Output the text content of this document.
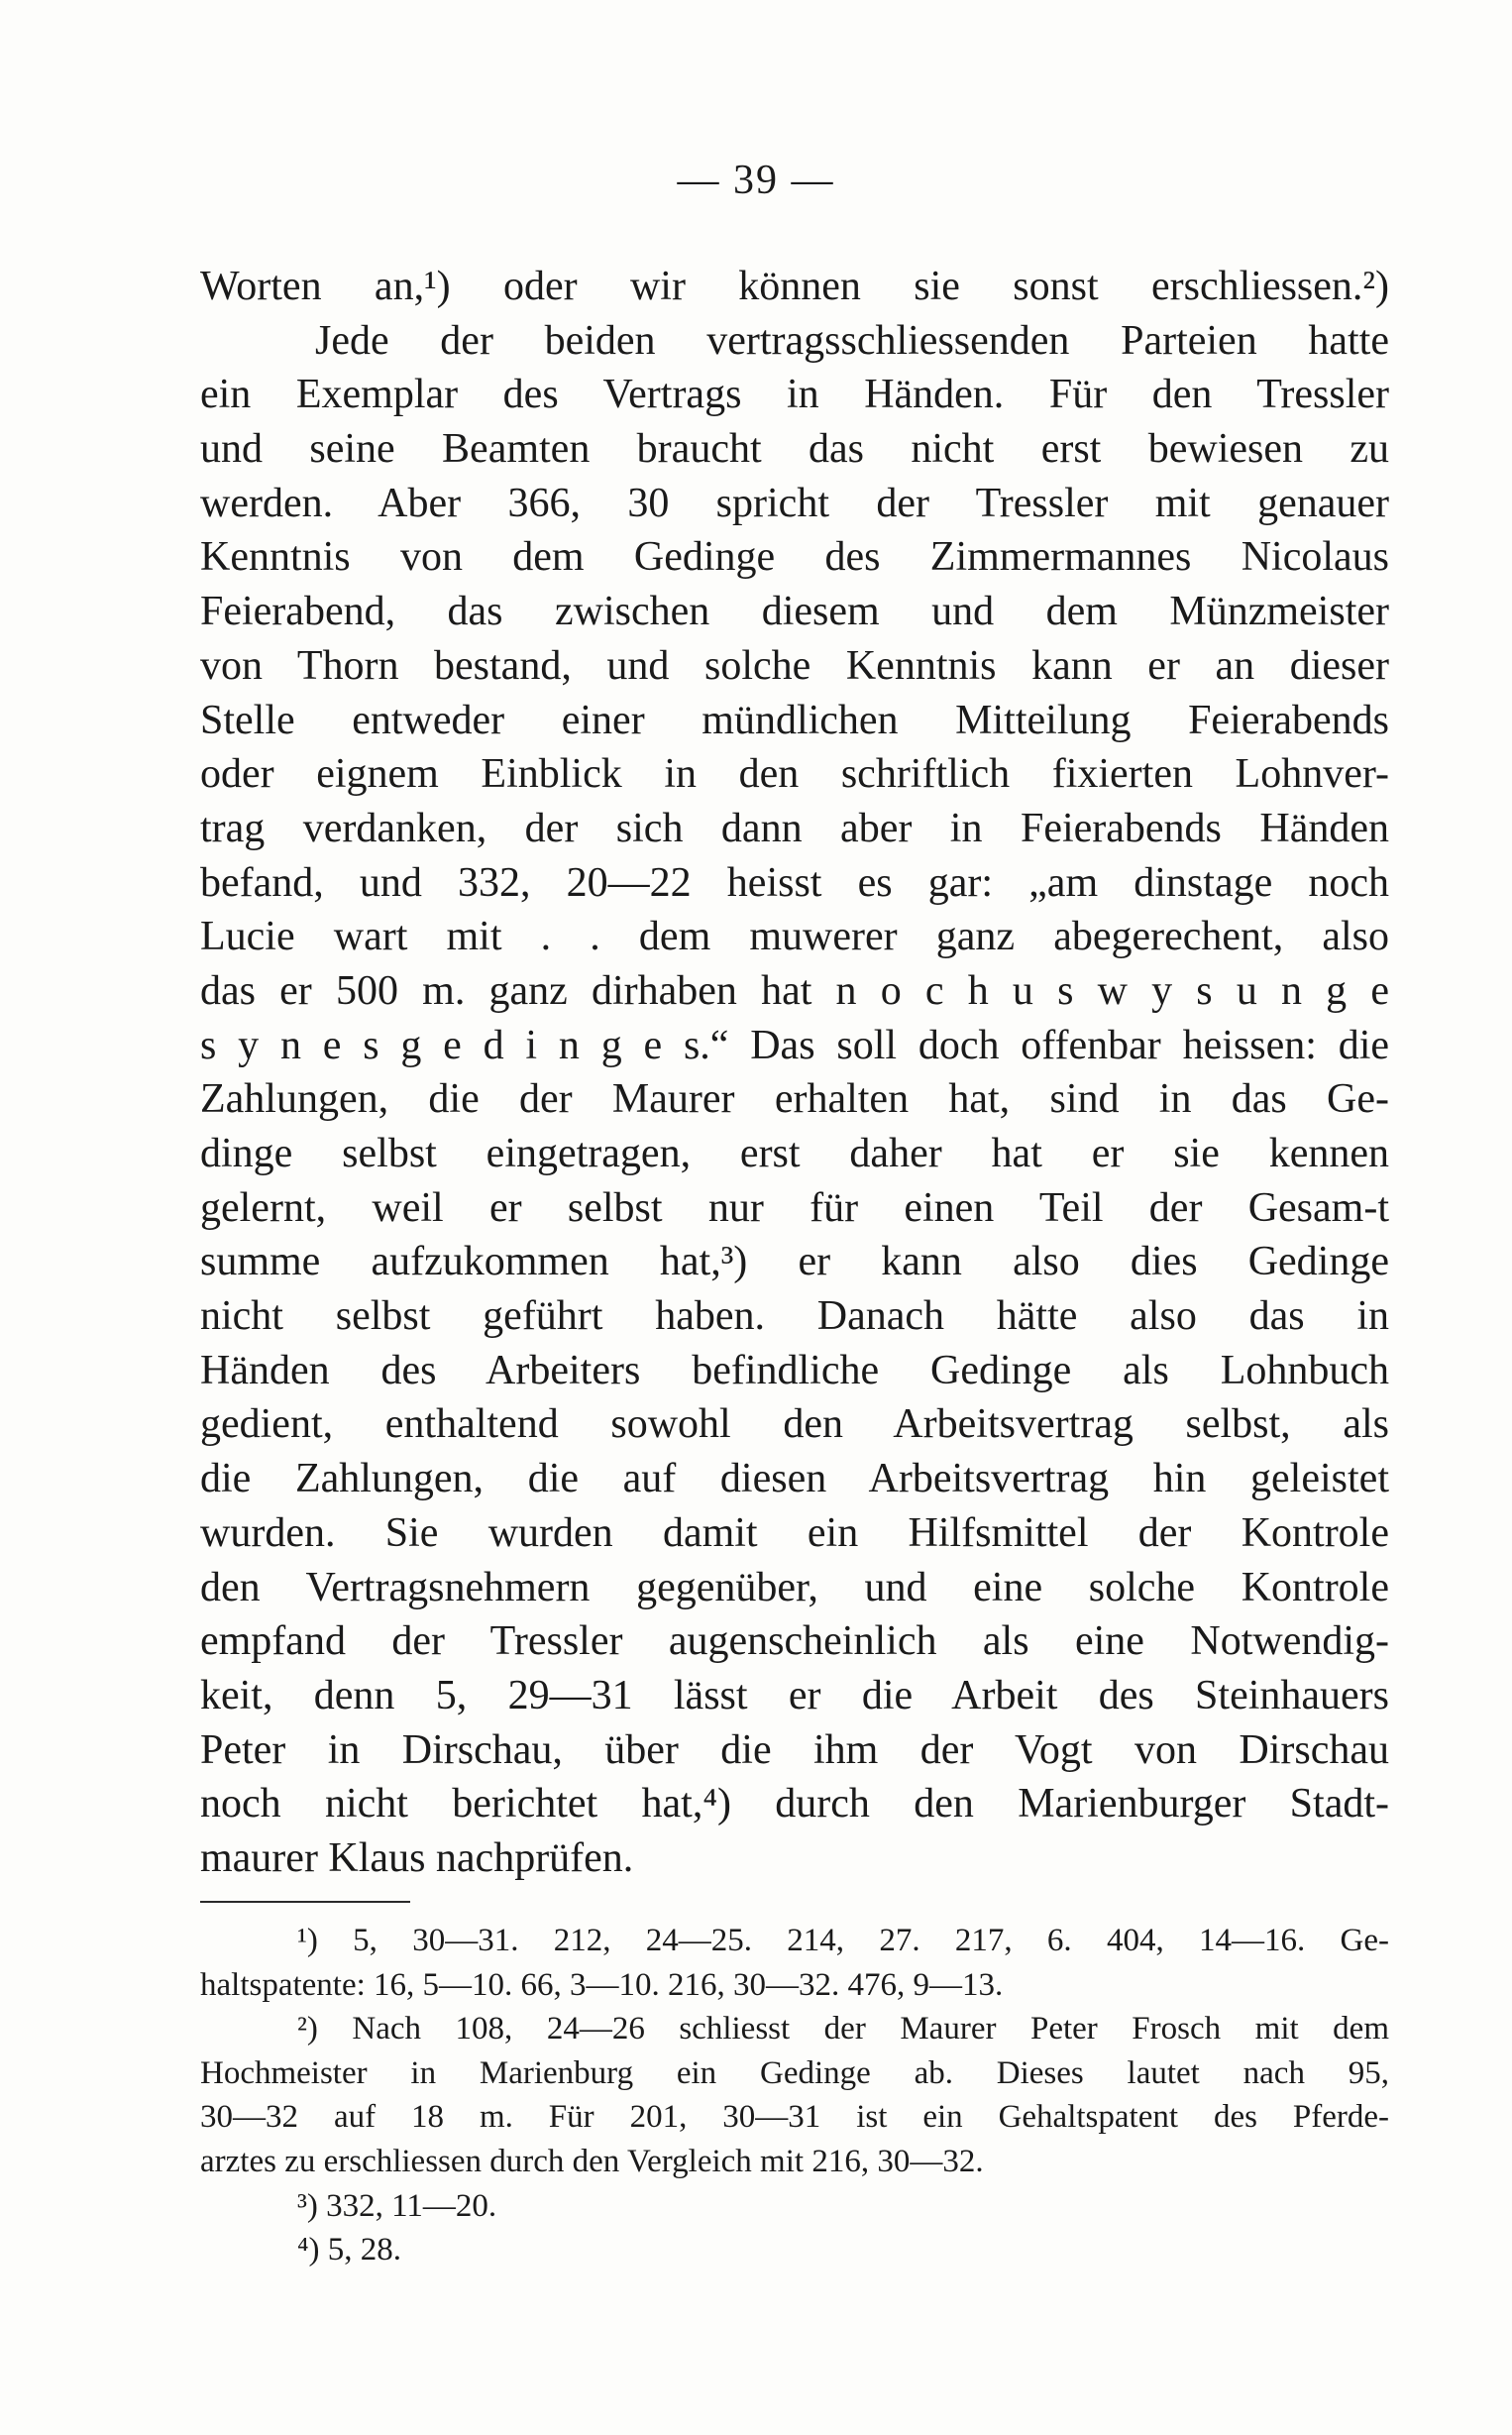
— 39 —
Worten an,¹) oder wir können sie sonst erschliessen.²)
Jede der beiden vertragsschliessenden Parteien hatte
ein Exemplar des Vertrags in Händen. Für den Tressler
und seine Beamten braucht das nicht erst bewiesen zu
werden. Aber 366, 30 spricht der Tressler mit genauer
Kenntnis von dem Gedinge des Zimmermannes Nicolaus
Feierabend, das zwischen diesem und dem Münzmeister
von Thorn bestand, und solche Kenntnis kann er an dieser
Stelle entweder einer mündlichen Mitteilung Feierabends
oder eignem Einblick in den schriftlich fixierten Lohnver-
trag verdanken, der sich dann aber in Feierabends Händen
befand, und 332, 20—22 heisst es gar: „am dinstage noch
Lucie wart mit . . dem muwerer ganz abegerechent, also
das er 500 m. ganz dirhaben hat n o c h u s w y s u n g e
s y n e s g e d i n g e s.“ Das soll doch offenbar heissen: die
Zahlungen, die der Maurer erhalten hat, sind in das Ge-
dinge selbst eingetragen, erst daher hat er sie kennen
gelernt, weil er selbst nur für einen Teil der Gesam-t
summe aufzukommen hat,³) er kann also dies Gedinge
nicht selbst geführt haben. Danach hätte also das in
Händen des Arbeiters befindliche Gedinge als Lohnbuch
gedient, enthaltend sowohl den Arbeitsvertrag selbst, als
die Zahlungen, die auf diesen Arbeitsvertrag hin geleistet
wurden. Sie wurden damit ein Hilfsmittel der Kontrole
den Vertragsnehmern gegenüber, und eine solche Kontrole
empfand der Tressler augenscheinlich als eine Notwendig-
keit, denn 5, 29—31 lässt er die Arbeit des Steinhauers
Peter in Dirschau, über die ihm der Vogt von Dirschau
noch nicht berichtet hat,⁴) durch den Marienburger Stadt-
maurer Klaus nachprüfen.
¹) 5, 30—31. 212, 24—25. 214, 27. 217, 6. 404, 14—16. Ge-
haltspatente: 16, 5—10. 66, 3—10. 216, 30—32. 476, 9—13.
²) Nach 108, 24—26 schliesst der Maurer Peter Frosch mit dem
Hochmeister in Marienburg ein Gedinge ab. Dieses lautet nach 95,
30—32 auf 18 m. Für 201, 30—31 ist ein Gehaltspatent des Pferde-
arztes zu erschliessen durch den Vergleich mit 216, 30—32.
³) 332, 11—20.
⁴) 5, 28.
